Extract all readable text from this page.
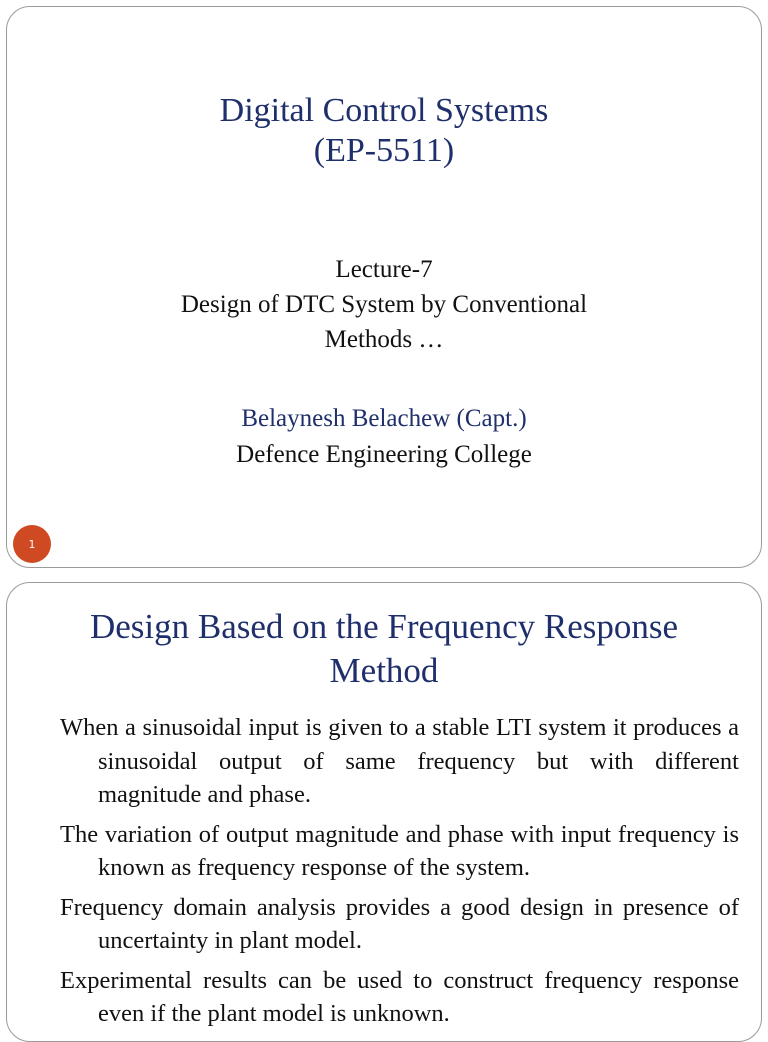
Digital Control Systems
(EP-5511)
Lecture-7
Design of DTC System by Conventional
Methods …
Belaynesh Belachew (Capt.)
Defence Engineering College
1
Design Based on the Frequency Response
Method

When a sinusoidal input is given to a stable LTI system it produces a sinusoidal output of same frequency but with different magnitude and phase.

The variation of output magnitude and phase with input frequency is known as frequency response of the system.

Frequency domain analysis provides a good design in presence of uncertainty in plant model.

Experimental results can be used to construct frequency response even if the plant model is unknown.
